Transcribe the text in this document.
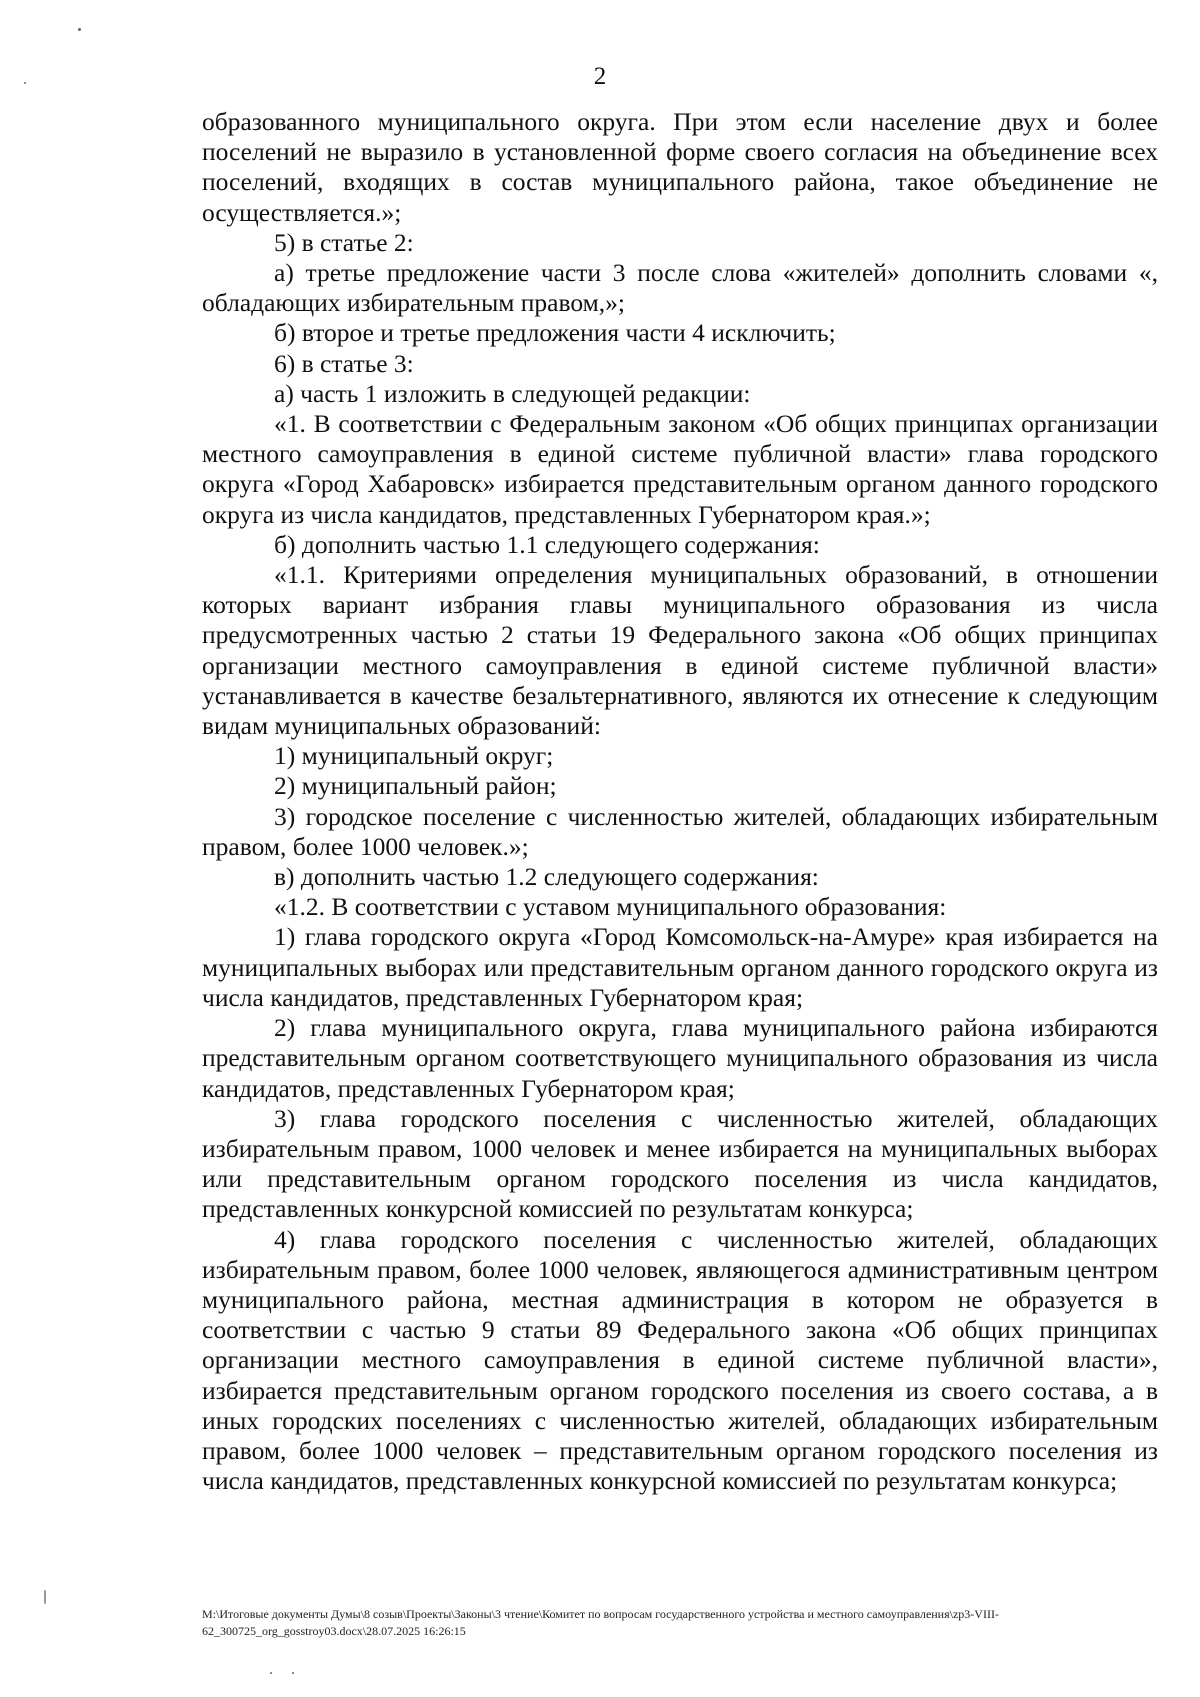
2

образованного муниципального округа. При этом если население двух и более поселений не выразило в установленной форме своего согласия на объединение всех поселений, входящих в состав муниципального района, такое объединение не осуществляется.»;

5) в статье 2:

а) третье предложение части 3 после слова «жителей» дополнить словами «, обладающих избирательным правом,»;

б) второе и третье предложения части 4 исключить;

6) в статье 3:

а) часть 1 изложить в следующей редакции:

«1. В соответствии с Федеральным законом «Об общих принципах организации местного самоуправления в единой системе публичной власти» глава городского округа «Город Хабаровск» избирается представительным органом данного городского округа из числа кандидатов, представленных Губернатором края.»;

б) дополнить частью 1.1 следующего содержания:

«1.1. Критериями определения муниципальных образований, в отношении которых вариант избрания главы муниципального образования из числа предусмотренных частью 2 статьи 19 Федерального закона «Об общих принципах организации местного самоуправления в единой системе публичной власти» устанавливается в качестве безальтернативного, являются их отнесение к следующим видам муниципальных образований:

1) муниципальный округ;

2) муниципальный район;

3) городское поселение с численностью жителей, обладающих избирательным правом, более 1000 человек.»;

в) дополнить частью 1.2 следующего содержания:

«1.2. В соответствии с уставом муниципального образования:

1) глава городского округа «Город Комсомольск-на-Амуре» края избирается на муниципальных выборах или представительным органом данного городского округа из числа кандидатов, представленных Губернатором края;

2) глава муниципального округа, глава муниципального района избираются представительным органом соответствующего муниципального образования из числа кандидатов, представленных Губернатором края;

3) глава городского поселения с численностью жителей, обладающих избирательным правом, 1000 человек и менее избирается на муниципальных выборах или представительным органом городского поселения из числа кандидатов, представленных конкурсной комиссией по результатам конкурса;

4) глава городского поселения с численностью жителей, обладающих избирательным правом, более 1000 человек, являющегося административным центром муниципального района, местная администрация в котором не образуется в соответствии с частью 9 статьи 89 Федерального закона «Об общих принципах организации местного самоуправления в единой системе публичной власти», избирается представительным органом городского поселения из своего состава, а в иных городских поселениях с численностью жителей, обладающих избирательным правом, более 1000 человек – представительным органом городского поселения из числа кандидатов, представленных конкурсной комиссией по результатам конкурса;

M:\Итоговые документы Думы\8 созыв\Проекты\Законы\3 чтение\Комитет по вопросам государственного устройства и местного самоуправления\zp3-VIII-62_300725_org_gosstroy03.docx\28.07.2025 16:26:15
